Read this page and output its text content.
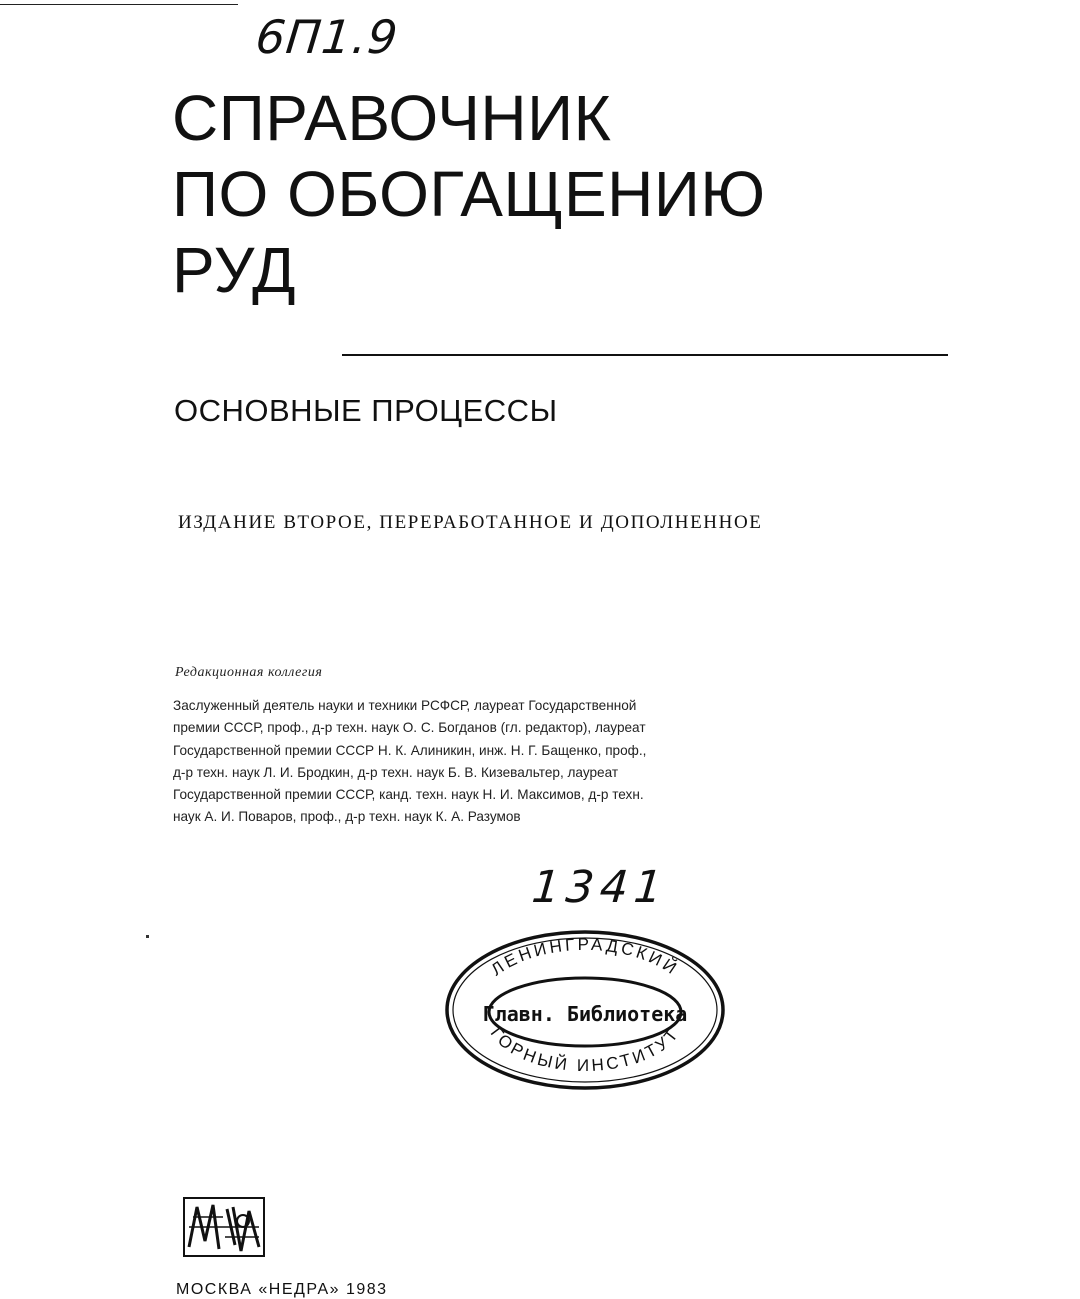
6П1.9

СПРАВОЧНИК
ПО ОБОГАЩЕНИЮ
РУД
ОСНОВНЫЕ ПРОЦЕССЫ

ИЗДАНИЕ ВТОРОЕ, ПЕРЕРАБОТАННОЕ И ДОПОЛНЕННОЕ

Редакционная коллегия

Заслуженный деятель науки и техники РСФСР, лауреат Государственной
премии СССР, проф., д-р техн. наук О. С. Богданов (гл. редактор), лауреат
Государственной премии СССР Н. К. Алиникин, инж. Н. Г. Бащенко, проф.,
д-р техн. наук Л. И. Бродкин, д-р техн. наук Б. В. Кизевальтер, лауреат
Государственной премии СССР, канд. техн. наук Н. И. Максимов, д-р техн.
наук А. И. Поваров, проф., д-р техн. наук К. А. Разумов

1341

ЛЕНИНГРАДСКИЙ
ГОРНЫЙ ИНСТИТУТ
Главн. Библиотека

МОСКВА «НЕДРА» 1983
